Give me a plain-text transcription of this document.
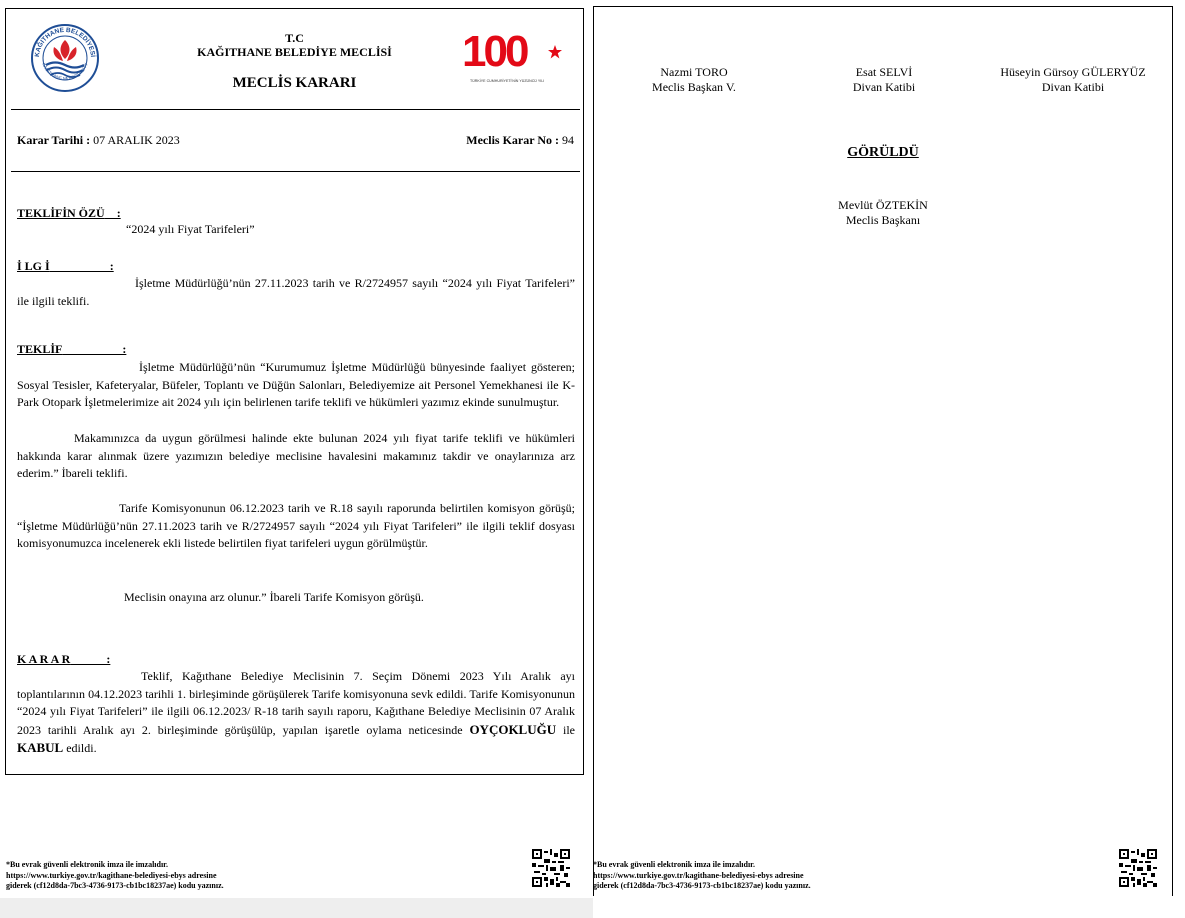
KAĞITHANE BELEDİYESİ
KAĞITHANE MUNICIPALITY
T.C
KAĞITHANE BELEDİYE MECLİSİ
MECLİS KARARI
100
TÜRKİYE CUMHURİYETİ'NİN YÜZÜNCÜ YILI
Karar Tarihi : 07 ARALIK 2023	Meclis Karar No : 94
TEKLİFİN ÖZÜ    :
“2024 yılı Fiyat Tarifeleri”
İ LG İ                    :
İşletme Müdürlüğü’nün 27.11.2023 tarih ve R/2724957 sayılı “2024 yılı Fiyat Tarifeleri” ile ilgili teklifi.
TEKLİF                    :
İşletme Müdürlüğü’nün “Kurumumuz İşletme Müdürlüğü bünyesinde faaliyet gösteren; Sosyal Tesisler, Kafeteryalar, Büfeler, Toplantı ve Düğün Salonları, Belediyemize ait Personel Yemekhanesi ile K-Park Otopark İşletmelerimize ait 2024 yılı için belirlenen tarife teklifi ve hükümleri yazımız ekinde sunulmuştur.
Makamınızca da uygun görülmesi halinde ekte bulunan 2024 yılı fiyat tarife teklifi ve hükümleri hakkında karar alınmak üzere yazımızın belediye meclisine havalesini makamınız takdir ve onaylarınıza arz ederim.” İbareli teklifi.
Tarife Komisyonunun 06.12.2023 tarih ve R.18 sayılı raporunda belirtilen komisyon görüşü; “İşletme Müdürlüğü’nün 27.11.2023 tarih ve R/2724957 sayılı “2024 yılı Fiyat Tarifeleri” ile ilgili teklif dosyası komisyonumuzca incelenerek ekli listede belirtilen fiyat tarifeleri uygun görülmüştür.
Meclisin onayına arz olunur.” İbareli Tarife Komisyon görüşü.
K A R A R            :
Teklif, Kağıthane Belediye Meclisinin 7. Seçim Dönemi 2023 Yılı Aralık ayı toplantılarının 04.12.2023 tarihli 1. birleşiminde görüşülerek Tarife komisyonuna sevk edildi. Tarife Komisyonunun “2024 yılı Fiyat Tarifeleri” ile ilgili 06.12.2023/ R-18 tarih sayılı raporu, Kağıthane Belediye Meclisinin 07 Aralık 2023 tarihli Aralık ayı 2. birleşiminde görüşülüp, yapılan işaretle oylama neticesinde OYÇOKLUĞU ile KABUL edildi.
*Bu evrak güvenli elektronik imza ile imzalıdır.
https://www.turkiye.gov.tr/kagithane-belediyesi-ebys adresine
giderek (cf12d8da-7bc3-4736-9173-cb1bc18237ae) kodu yazınız.
Nazmi TORO
Meclis Başkan V.
Esat SELVİ
Divan Katibi
Hüseyin Gürsoy GÜLERYÜZ
Divan Katibi
GÖRÜLDÜ
Mevlüt ÖZTEKİN
Meclis Başkanı
*Bu evrak güvenli elektronik imza ile imzalıdır.
https://www.turkiye.gov.tr/kagithane-belediyesi-ebys adresine
giderek (cf12d8da-7bc3-4736-9173-cb1bc18237ae) kodu yazınız.
